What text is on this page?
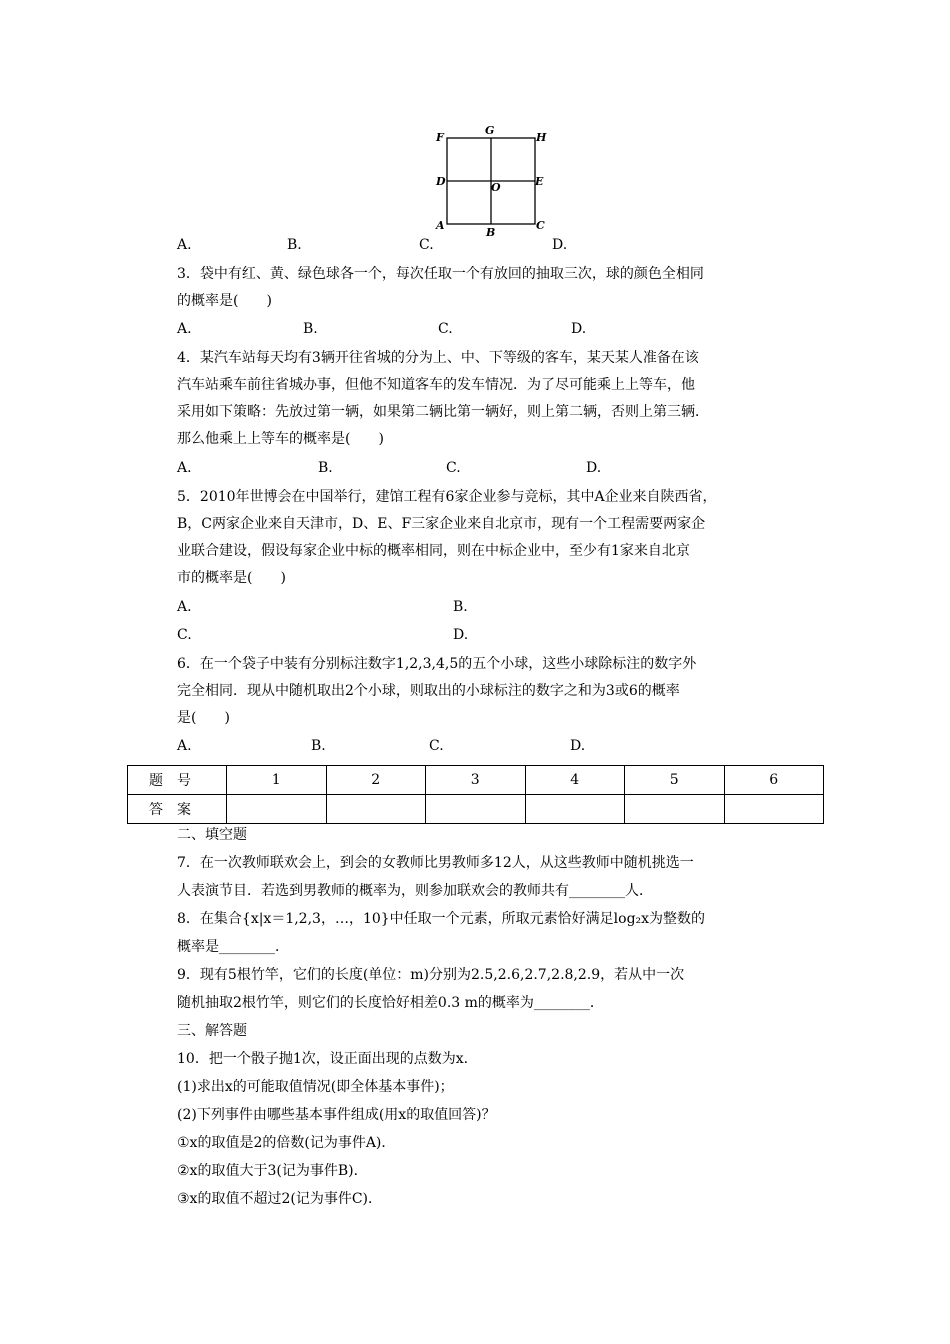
F
G
H
D	O	E
A
B
C
A.	B.	C.	D.
3．袋中有红、黄、绿色球各一个，每次任取一个有放回的抽取三次，球的颜色全相同
的概率是(　　)
A.	B.	C.	D.
4．某汽车站每天均有3辆开往省城的分为上、中、下等级的客车，某天某人准备在该
汽车站乘车前往省城办事，但他不知道客车的发车情况．为了尽可能乘上上等车，他
采用如下策略：先放过第一辆，如果第二辆比第一辆好，则上第二辆，否则上第三辆．
那么他乘上上等车的概率是(　　)
A.	B.	C.	D.
5．2010年世博会在中国举行，建馆工程有6家企业参与竞标，其中A企业来自陕西省，
B，C两家企业来自天津市，D、E、F三家企业来自北京市，现有一个工程需要两家企
业联合建设，假设每家企业中标的概率相同，则在中标企业中，至少有1家来自北京
市的概率是(　　)
A.	B.
C.	D.
6．在一个袋子中装有分别标注数字1,2,3,4,5的五个小球，这些小球除标注的数字外
完全相同．现从中随机取出2个小球，则取出的小球标注的数字之和为3或6的概率
是(　　)
A.	B.	C.	D.
题号	1	2	3	4	5	6
答案						
二、填空题
7．在一次教师联欢会上，到会的女教师比男教师多12人，从这些教师中随机挑选一
人表演节目．若选到男教师的概率为，则参加联欢会的教师共有________人．
8．在集合{x|x＝1,2,3，…，10}中任取一个元素，所取元素恰好满足log₂x为整数的
概率是________．
9．现有5根竹竿，它们的长度(单位：m)分别为2.5,2.6,2.7,2.8,2.9，若从中一次
随机抽取2根竹竿，则它们的长度恰好相差0.3 m的概率为________．
三、解答题
10．把一个骰子抛1次，设正面出现的点数为x.
(1)求出x的可能取值情况(即全体基本事件)；
(2)下列事件由哪些基本事件组成(用x的取值回答)？
①x的取值是2的倍数(记为事件A)．
②x的取值大于3(记为事件B)．
③x的取值不超过2(记为事件C)．
